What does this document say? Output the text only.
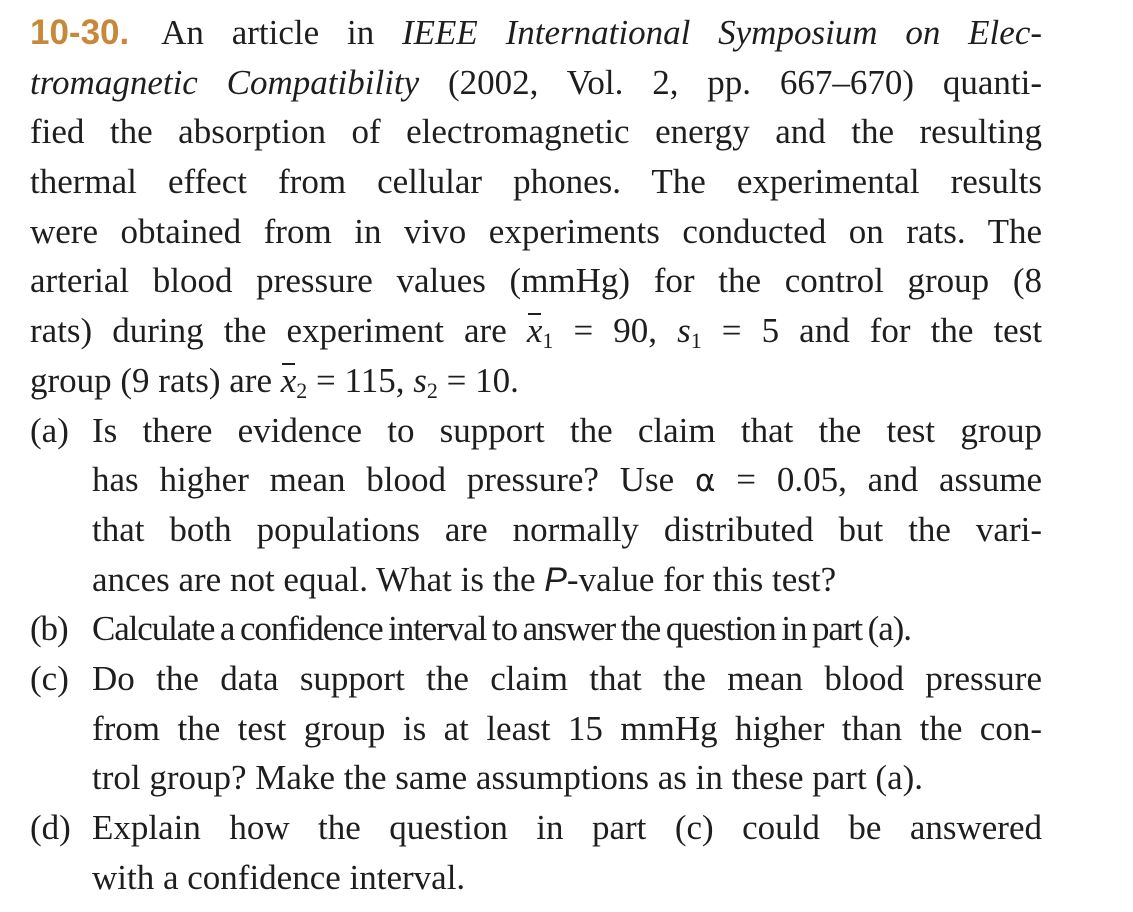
10-30. An article in IEEE International Symposium on Elec-
tromagnetic Compatibility (2002, Vol. 2, pp. 667–670) quanti-
fied the absorption of electromagnetic energy and the resulting
thermal effect from cellular phones. The experimental results
were obtained from in vivo experiments conducted on rats. The
arterial blood pressure values (mmHg) for the control group (8
rats) during the experiment are $x_1 = 90$, $s_1 = 5$ and for the test
group (9 rats) are $x_2 = 115$, $s_2 = 10$.
(a) Is there evidence to support the claim that the test group
has higher mean blood pressure? Use α = 0.05, and assume
that both populations are normally distributed but the vari-
ances are not equal. What is the P-value for this test?
(b) Calculate a confidence interval to answer the question in part (a).
(c) Do the data support the claim that the mean blood pressure
from the test group is at least 15 mmHg higher than the con-
trol group? Make the same assumptions as in these part (a).
(d) Explain how the question in part (c) could be answered
with a confidence interval.
